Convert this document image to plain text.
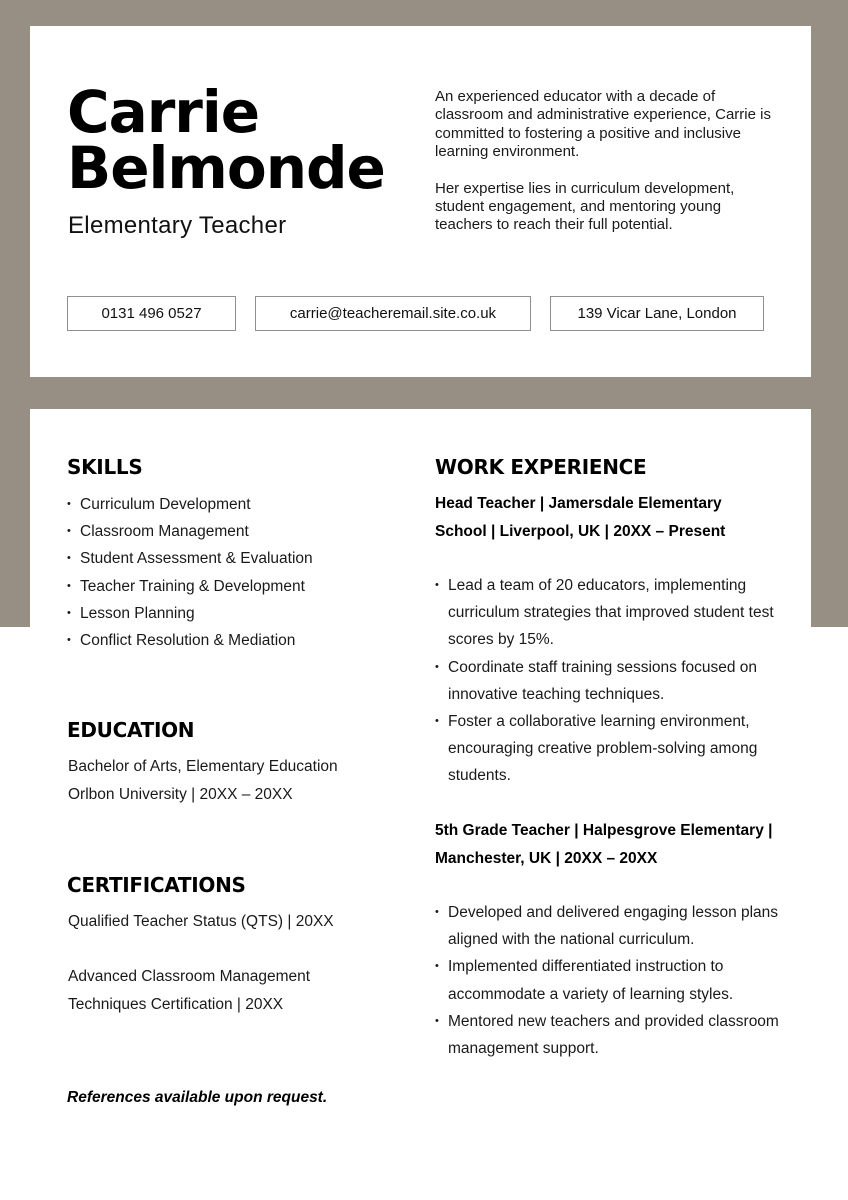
Carrie
Belmonde
Elementary Teacher

An experienced educator with a decade of classroom and administrative experience, Carrie is committed to fostering a positive and inclusive learning environment.

Her expertise lies in curriculum development, student engagement, and mentoring young teachers to reach their full potential.

0131 496 0527	carrie@teacheremail.site.co.uk	139 Vicar Lane, London
SKILLS
• Curriculum Development
• Classroom Management
• Student Assessment & Evaluation
• Teacher Training & Development
• Lesson Planning
• Conflict Resolution & Mediation
EDUCATION
Bachelor of Arts, Elementary Education
Orlbon University | 20XX – 20XX
CERTIFICATIONS
Qualified Teacher Status (QTS) | 20XX
Advanced Classroom Management Techniques Certification | 20XX
WORK EXPERIENCE
Head Teacher | Jamersdale Elementary School | Liverpool, UK | 20XX – Present
• Lead a team of 20 educators, implementing curriculum strategies that improved student test scores by 15%.
• Coordinate staff training sessions focused on innovative teaching techniques.
• Foster a collaborative learning environment, encouraging creative problem-solving among students.
5th Grade Teacher | Halpesgrove Elementary | Manchester, UK | 20XX – 20XX
• Developed and delivered engaging lesson plans aligned with the national curriculum.
• Implemented differentiated instruction to accommodate a variety of learning styles.
• Mentored new teachers and provided classroom management support.
References available upon request.
